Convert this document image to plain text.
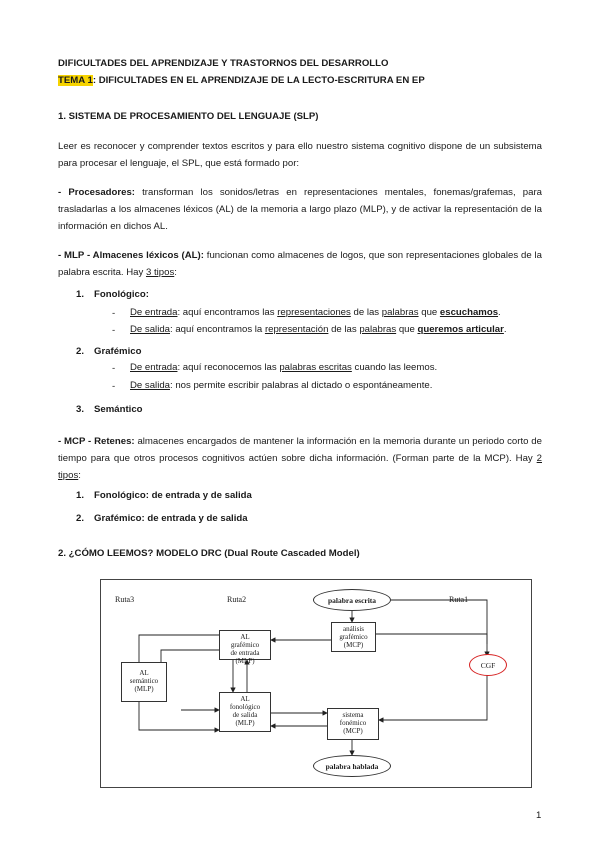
DIFICULTADES DEL APRENDIZAJE Y TRASTORNOS DEL DESARROLLO
TEMA 1: DIFICULTADES EN EL APRENDIZAJE DE LA LECTO-ESCRITURA EN EP
1. SISTEMA DE PROCESAMIENTO DEL LENGUAJE (SLP)
Leer es reconocer y comprender textos escritos y para ello nuestro sistema cognitivo dispone de un subsistema para procesar el lenguaje, el SPL, que está formado por:
- Procesadores: transforman los sonidos/letras en representaciones mentales, fonemas/grafemas, para trasladarlas a los almacenes léxicos (AL) de la memoria a largo plazo (MLP), y de activar la representación de la información en dichos AL.
- MLP - Almacenes léxicos (AL): funcionan como almacenes de logos, que son representaciones globales de la palabra escrita. Hay 3 tipos:
1. Fonológico:
- De entrada: aquí encontramos las representaciones de las palabras que escuchamos.
- De salida: aquí encontramos la representación de las palabras que queremos articular.
2. Grafémico
- De entrada: aquí reconocemos las palabras escritas cuando las leemos.
- De salida: nos permite escribir palabras al dictado o espontáneamente.
3. Semántico
- MCP - Retenes: almacenes encargados de mantener la información en la memoria durante un periodo corto de tiempo para que otros procesos cognitivos actúen sobre dicha información. (Forman parte de la MCP). Hay 2 tipos:
1. Fonológico: de entrada y de salida
2. Grafémico: de entrada y de salida
2. ¿CÓMO LEEMOS? MODELO DRC (Dual Route Cascaded Model)
Ruta3	Ruta2	Ruta1
palabra escrita
palabra hablada
AL
grafémico
de entrada
(MLP)
análisis
grafémico
(MCP)
AL
semántico
(MLP)
CGF
AL
fonológico
de salida
(MLP)
sistema
fonémico
(MCP)
1
